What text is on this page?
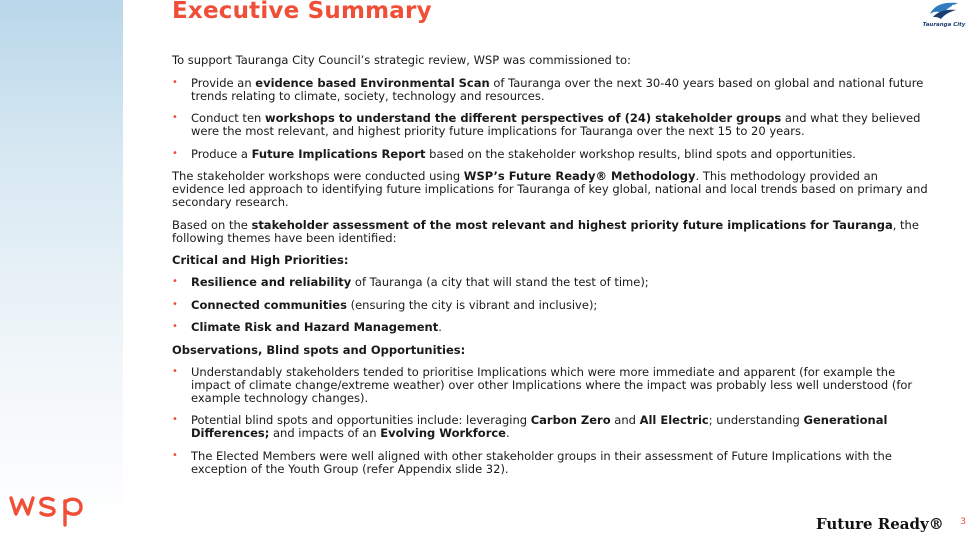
Executive Summary
Tauranga City

To support Tauranga City Council’s strategic review, WSP was commissioned to:

• Provide an evidence based Environmental Scan of Tauranga over the next 30-40 years based on global and national future trends relating to climate, society, technology and resources.
• Conduct ten workshops to understand the different perspectives of (24) stakeholder groups and what they believed were the most relevant, and highest priority future implications for Tauranga over the next 15 to 20 years.
• Produce a Future Implications Report based on the stakeholder workshop results, blind spots and opportunities.

The stakeholder workshops were conducted using WSP’s Future Ready® Methodology. This methodology provided an evidence led approach to identifying future implications for Tauranga of key global, national and local trends based on primary and secondary research.

Based on the stakeholder assessment of the most relevant and highest priority future implications for Tauranga, the following themes have been identified:

Critical and High Priorities:

• Resilience and reliability of Tauranga (a city that will stand the test of time);
• Connected communities (ensuring the city is vibrant and inclusive);
• Climate Risk and Hazard Management.

Observations, Blind spots and Opportunities:

• Understandably stakeholders tended to prioritise Implications which were more immediate and apparent (for example the impact of climate change/extreme weather) over other Implications where the impact was probably less well understood (for example technology changes).
• Potential blind spots and opportunities include: leveraging Carbon Zero and All Electric; understanding Generational Differences; and impacts of an Evolving Workforce.
• The Elected Members were well aligned with other stakeholder groups in their assessment of Future Implications with the exception of the Youth Group (refer Appendix slide 32).

Future Ready® 3
